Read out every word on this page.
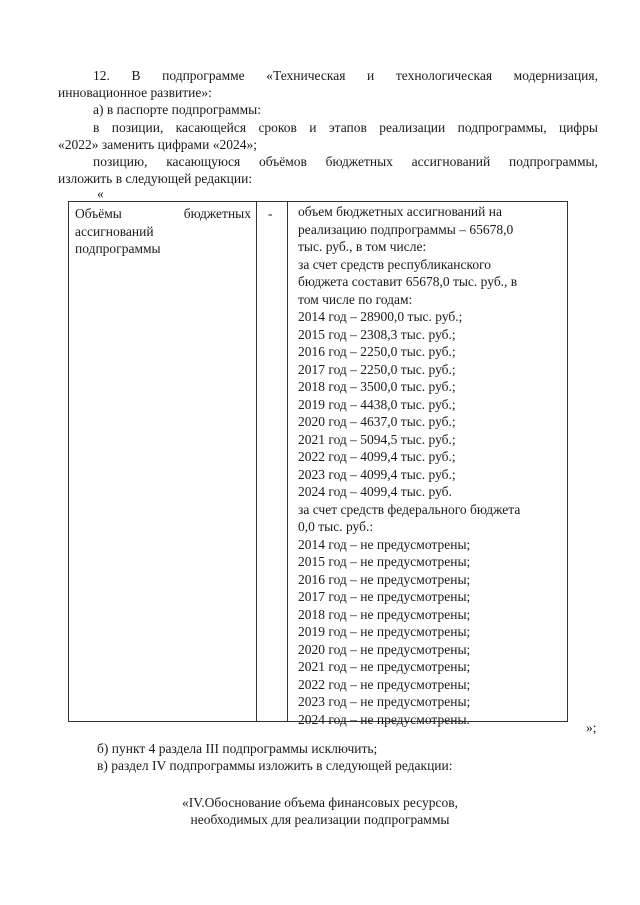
12. В подпрограмме «Техническая и технологическая модернизация,
инновационное развитие»:
а) в паспорте подпрограммы:
в позиции, касающейся сроков и этапов реализации подпрограммы, цифры
«2022» заменить цифрами «2024»;
позицию, касающуюся объёмов бюджетных ассигнований подпрограммы,
изложить в следующей редакции:
«
Объёмы бюджетных
ассигнований
подпрограммы
- объем бюджетных ассигнований на
реализацию подпрограммы – 65678,0
тыс. руб., в том числе:
за счет средств республиканского
бюджета составит 65678,0 тыс. руб., в
том числе по годам:
2014 год – 28900,0 тыс. руб.;
2015 год – 2308,3 тыс. руб.;
2016 год – 2250,0 тыс. руб.;
2017 год – 2250,0 тыс. руб.;
2018 год – 3500,0 тыс. руб.;
2019 год – 4438,0 тыс. руб.;
2020 год – 4637,0 тыс. руб.;
2021 год – 5094,5 тыс. руб.;
2022 год – 4099,4 тыс. руб.;
2023 год – 4099,4 тыс. руб.;
2024 год – 4099,4 тыс. руб.
за счет средств федерального бюджета
0,0 тыс. руб.:
2014 год – не предусмотрены;
2015 год – не предусмотрены;
2016 год – не предусмотрены;
2017 год – не предусмотрены;
2018 год – не предусмотрены;
2019 год – не предусмотрены;
2020 год – не предусмотрены;
2021 год – не предусмотрены;
2022 год – не предусмотрены;
2023 год – не предусмотрены;
2024 год – не предусмотрены.
»;
б) пункт 4 раздела III подпрограммы исключить;
в) раздел IV подпрограммы изложить в следующей редакции:
«IV.Обоснование объема финансовых ресурсов,
необходимых для реализации подпрограммы
